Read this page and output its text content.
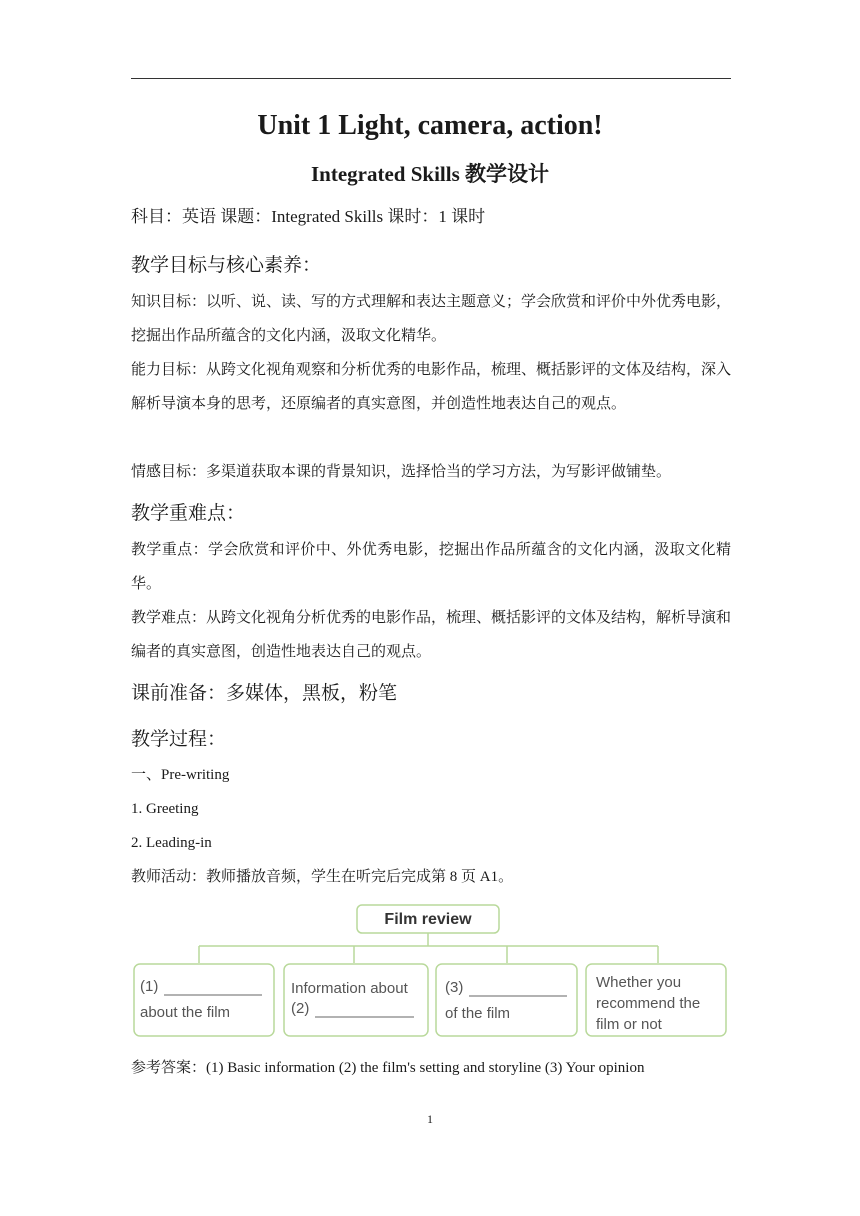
Unit 1 Light, camera, action!
Integrated Skills 教学设计
科目：英语 课题：Integrated Skills 课时：1 课时
教学目标与核心素养：
知识目标：以听、说、读、写的方式理解和表达主题意义；学会欣赏和评价中外优秀电影，挖掘出作品所蕴含的文化内涵，汲取文化精华。
能力目标：从跨文化视角观察和分析优秀的电影作品，梳理、概括影评的文体及结构，深入解析导演本身的思考，还原编者的真实意图，并创造性地表达自己的观点。
情感目标：多渠道获取本课的背景知识，选择恰当的学习方法，为写影评做铺垫。
教学重难点：
教学重点：学会欣赏和评价中、外优秀电影，挖掘出作品所蕴含的文化内涵，汲取文化精华。
教学难点：从跨文化视角分析优秀的电影作品，梳理、概括影评的文体及结构，解析导演和编者的真实意图，创造性地表达自己的观点。
课前准备：多媒体，黑板，粉笔
教学过程：
一、Pre-writing
1. Greeting
2. Leading-in
教师活动：教师播放音频，学生在听完后完成第 8 页 A1。
Film review
(1)
about the film
Information about
(2)
(3)
of the film
Whether you
recommend the
film or not
参考答案：(1) Basic information (2) the film's setting and storyline (3) Your opinion
1
